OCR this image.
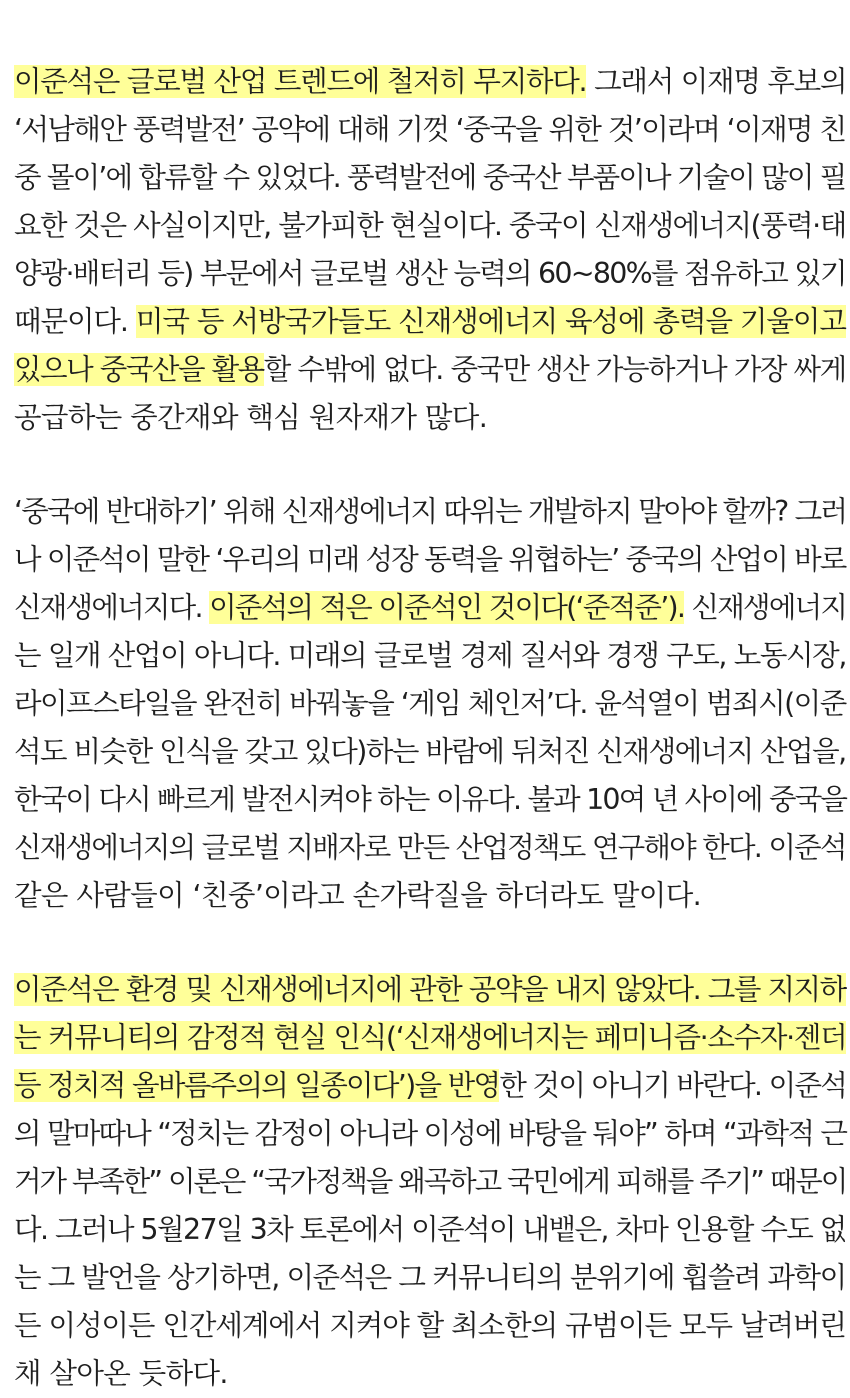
이준석은 글로벌 산업 트렌드에 철저히 무지하다. 그래서 이재명 후보의
‘서남해안 풍력발전’ 공약에 대해 기껏 ‘중국을 위한 것’이라며 ‘이재명 친
중 몰이’에 합류할 수 있었다. 풍력발전에 중국산 부품이나 기술이 많이 필
요한 것은 사실이지만, 불가피한 현실이다. 중국이 신재생에너지(풍력·태
양광·배터리 등) 부문에서 글로벌 생산 능력의 60~80%를 점유하고 있기
때문이다. 미국 등 서방국가들도 신재생에너지 육성에 총력을 기울이고
있으나 중국산을 활용할 수밖에 없다. 중국만 생산 가능하거나 가장 싸게
공급하는 중간재와 핵심 원자재가 많다.

‘중국에 반대하기’ 위해 신재생에너지 따위는 개발하지 말아야 할까? 그러
나 이준석이 말한 ‘우리의 미래 성장 동력을 위협하는’ 중국의 산업이 바로
신재생에너지다. 이준석의 적은 이준석인 것이다(‘준적준’). 신재생에너지
는 일개 산업이 아니다. 미래의 글로벌 경제 질서와 경쟁 구도, 노동시장,
라이프스타일을 완전히 바꿔놓을 ‘게임 체인저’다. 윤석열이 범죄시(이준
석도 비슷한 인식을 갖고 있다)하는 바람에 뒤처진 신재생에너지 산업을,
한국이 다시 빠르게 발전시켜야 하는 이유다. 불과 10여 년 사이에 중국을
신재생에너지의 글로벌 지배자로 만든 산업정책도 연구해야 한다. 이준석
같은 사람들이 ‘친중’이라고 손가락질을 하더라도 말이다.

이준석은 환경 및 신재생에너지에 관한 공약을 내지 않았다. 그를 지지하
는 커뮤니티의 감정적 현실 인식(‘신재생에너지는 페미니즘·소수자·젠더
등 정치적 올바름주의의 일종이다’)을 반영한 것이 아니기 바란다. 이준석
의 말마따나 “정치는 감정이 아니라 이성에 바탕을 둬야” 하며 “과학적 근
거가 부족한” 이론은 “국가정책을 왜곡하고 국민에게 피해를 주기” 때문이
다. 그러나 5월27일 3차 토론에서 이준석이 내뱉은, 차마 인용할 수도 없
는 그 발언을 상기하면, 이준석은 그 커뮤니티의 분위기에 휩쓸려 과학이
든 이성이든 인간세계에서 지켜야 할 최소한의 규범이든 모두 날려버린
채 살아온 듯하다.
